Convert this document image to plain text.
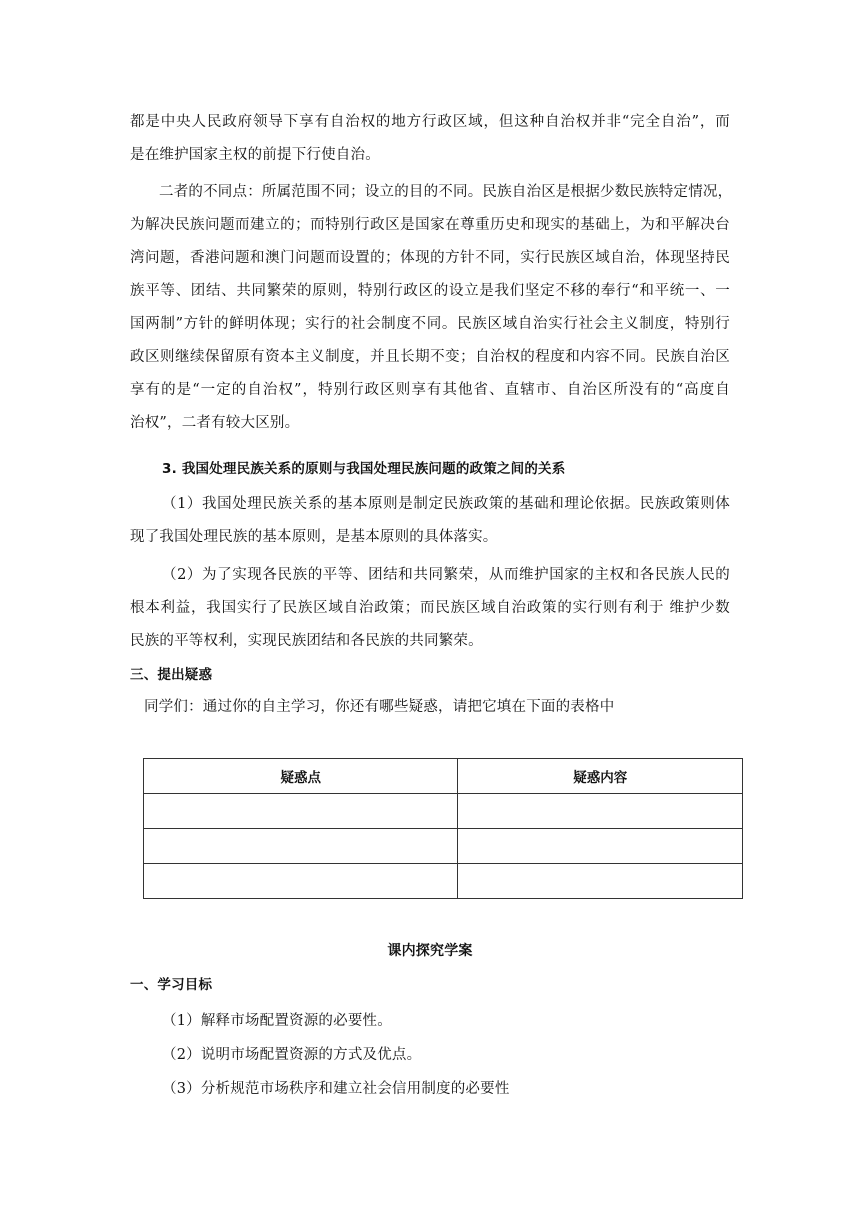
都是中央人民政府领导下享有自治权的地方行政区域，但这种自治权并非“完全自治”，而
是在维护国家主权的前提下行使自治。
二者的不同点：所属范围不同；设立的目的不同。民族自治区是根据少数民族特定情况，
为解决民族问题而建立的；而特别行政区是国家在尊重历史和现实的基础上，为和平解决台
湾问题，香港问题和澳门问题而设置的；体现的方针不同，实行民族区域自治，体现坚持民
族平等、团结、共同繁荣的原则，特别行政区的设立是我们坚定不移的奉行“和平统一、一
国两制”方针的鲜明体现；实行的社会制度不同。民族区域自治实行社会主义制度，特别行
政区则继续保留原有资本主义制度，并且长期不变；自治权的程度和内容不同。民族自治区
享有的是“一定的自治权”，特别行政区则享有其他省、直辖市、自治区所没有的“高度自
治权”，二者有较大区别。
3. 我国处理民族关系的原则与我国处理民族问题的政策之间的关系
（1）我国处理民族关系的基本原则是制定民族政策的基础和理论依据。民族政策则体
现了我国处理民族的基本原则，是基本原则的具体落实。
（2）为了实现各民族的平等、团结和共同繁荣，从而维护国家的主权和各民族人民的
根本利益，我国实行了民族区域自治政策；而民族区域自治政策的实行则有利于 维护少数
民族的平等权利，实现民族团结和各民族的共同繁荣。
三、提出疑惑
同学们：通过你的自主学习，你还有哪些疑惑，请把它填在下面的表格中
疑惑点	疑惑内容

课内探究学案
一、学习目标
（1）解释市场配置资源的必要性。
（2）说明市场配置资源的方式及优点。
（3）分析规范市场秩序和建立社会信用制度的必要性
